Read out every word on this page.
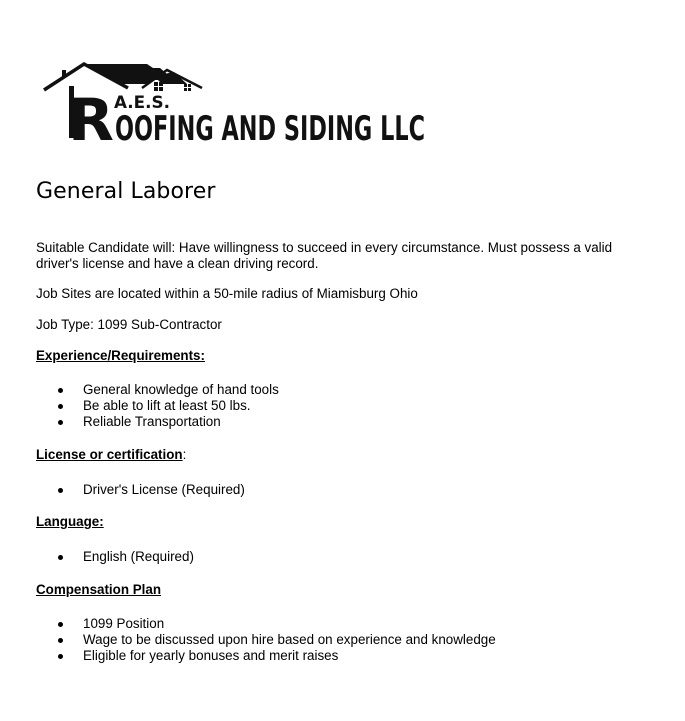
A.E.S.
R OOFING AND SIDING LLC
General Laborer
Suitable Candidate will: Have willingness to succeed in every circumstance. Must possess a valid driver's license and have a clean driving record.
Job Sites are located within a 50-mile radius of Miamisburg Ohio
Job Type: 1099 Sub-Contractor
Experience/Requirements:
General knowledge of hand tools
Be able to lift at least 50 lbs.
Reliable Transportation
License or certification:
Driver's License (Required)
Language:
English (Required)
Compensation Plan
1099 Position
Wage to be discussed upon hire based on experience and knowledge
Eligible for yearly bonuses and merit raises
